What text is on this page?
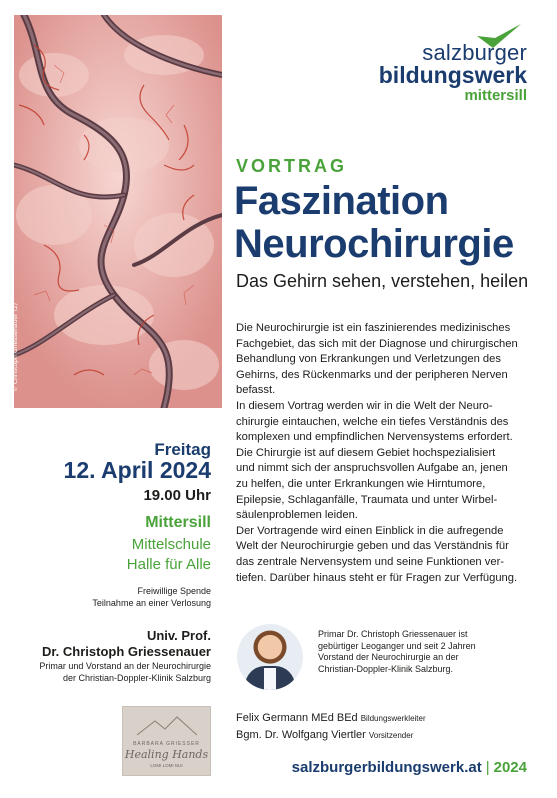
© Christoph Griessenauer (2)
salzburger
bildungswerk
mittersill
VORTRAG
Faszination
Neurochirurgie
Das Gehirn sehen, verstehen, heilen
Die Neurochirurgie ist ein faszinierendes medizinisches
Fachgebiet, das sich mit der Diagnose und chirurgischen
Behandlung von Erkrankungen und Verletzungen des
Gehirns, des Rückenmarks und der peripheren Nerven
befasst.
In diesem Vortrag werden wir in die Welt der Neuro-
chirurgie eintauchen, welche ein tiefes Verständnis des
komplexen und empfindlichen Nervensystems erfordert.
Die Chirurgie ist auf diesem Gebiet hochspezialisiert
und nimmt sich der anspruchsvollen Aufgabe an, jenen
zu helfen, die unter Erkrankungen wie Hirntumore,
Epilepsie, Schlaganfälle, Traumata und unter Wirbel-
säulenproblemen leiden.
Der Vortragende wird einen Einblick in die aufregende
Welt der Neurochirurgie geben und das Verständnis für
das zentrale Nervensystem und seine Funktionen ver-
tiefen. Darüber hinaus steht er für Fragen zur Verfügung.
Freitag
12. April 2024
19.00 Uhr
Mittersill
Mittelschule
Halle für Alle
Freiwillige Spende
Teilnahme an einer Verlosung
Univ. Prof.
Dr. Christoph Griessenauer
Primar und Vorstand an der Neurochirurgie
der Christian-Doppler-Klinik Salzburg
Primar Dr. Christoph Griessenauer ist
gebürtiger Leoganger und seit 2 Jahren
Vorstand der Neurochirurgie an der
Christian-Doppler-Klinik Salzburg.
BARBARA GRIESSER
Healing Hands
LOMI LOMI NUI
Felix Germann MEd BEd Bildungswerkleiter
Bgm. Dr. Wolfgang Viertler Vorsitzender
salzburgerbildungswerk.at | 2024
